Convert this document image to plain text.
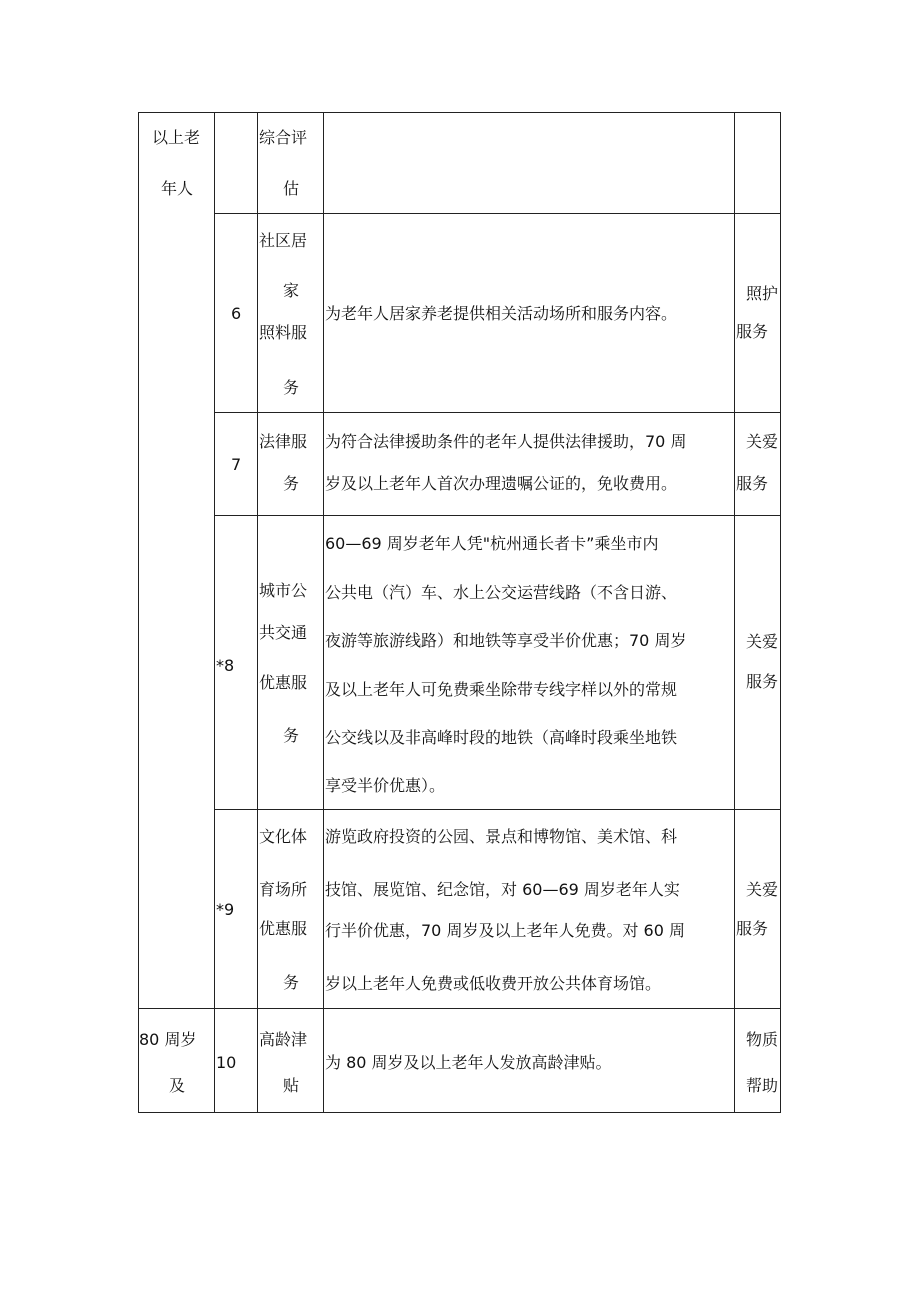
以上老
年人
综合评
估
6
社区居
家
照料服
务
为老年人居家养老提供相关活动场所和服务内容。
照护
服务
7
法律服
务
为符合法律援助条件的老年人提供法律援助，70 周
岁及以上老年人首次办理遗嘱公证的，免收费用。
关爱
服务
*8
城市公
共交通
优惠服
务
60—69 周岁老年人凭"杭州通长者卡”乘坐市内
公共电（汽）车、水上公交运营线路（不含日游、
夜游等旅游线路）和地铁等享受半价优惠；70 周岁
及以上老年人可免费乘坐除带专线字样以外的常规
公交线以及非高峰时段的地铁（高峰时段乘坐地铁
享受半价优惠）。
关爱
服务
*9
文化体
育场所
优惠服
务
游览政府投资的公园、景点和博物馆、美术馆、科
技馆、展览馆、纪念馆，对 60—69 周岁老年人实
行半价优惠，70 周岁及以上老年人免费。对 60 周
岁以上老年人免费或低收费开放公共体育场馆。
关爱
服务
80 周岁
及
10
高龄津
贴
为 80 周岁及以上老年人发放高龄津贴。
物质
帮助
